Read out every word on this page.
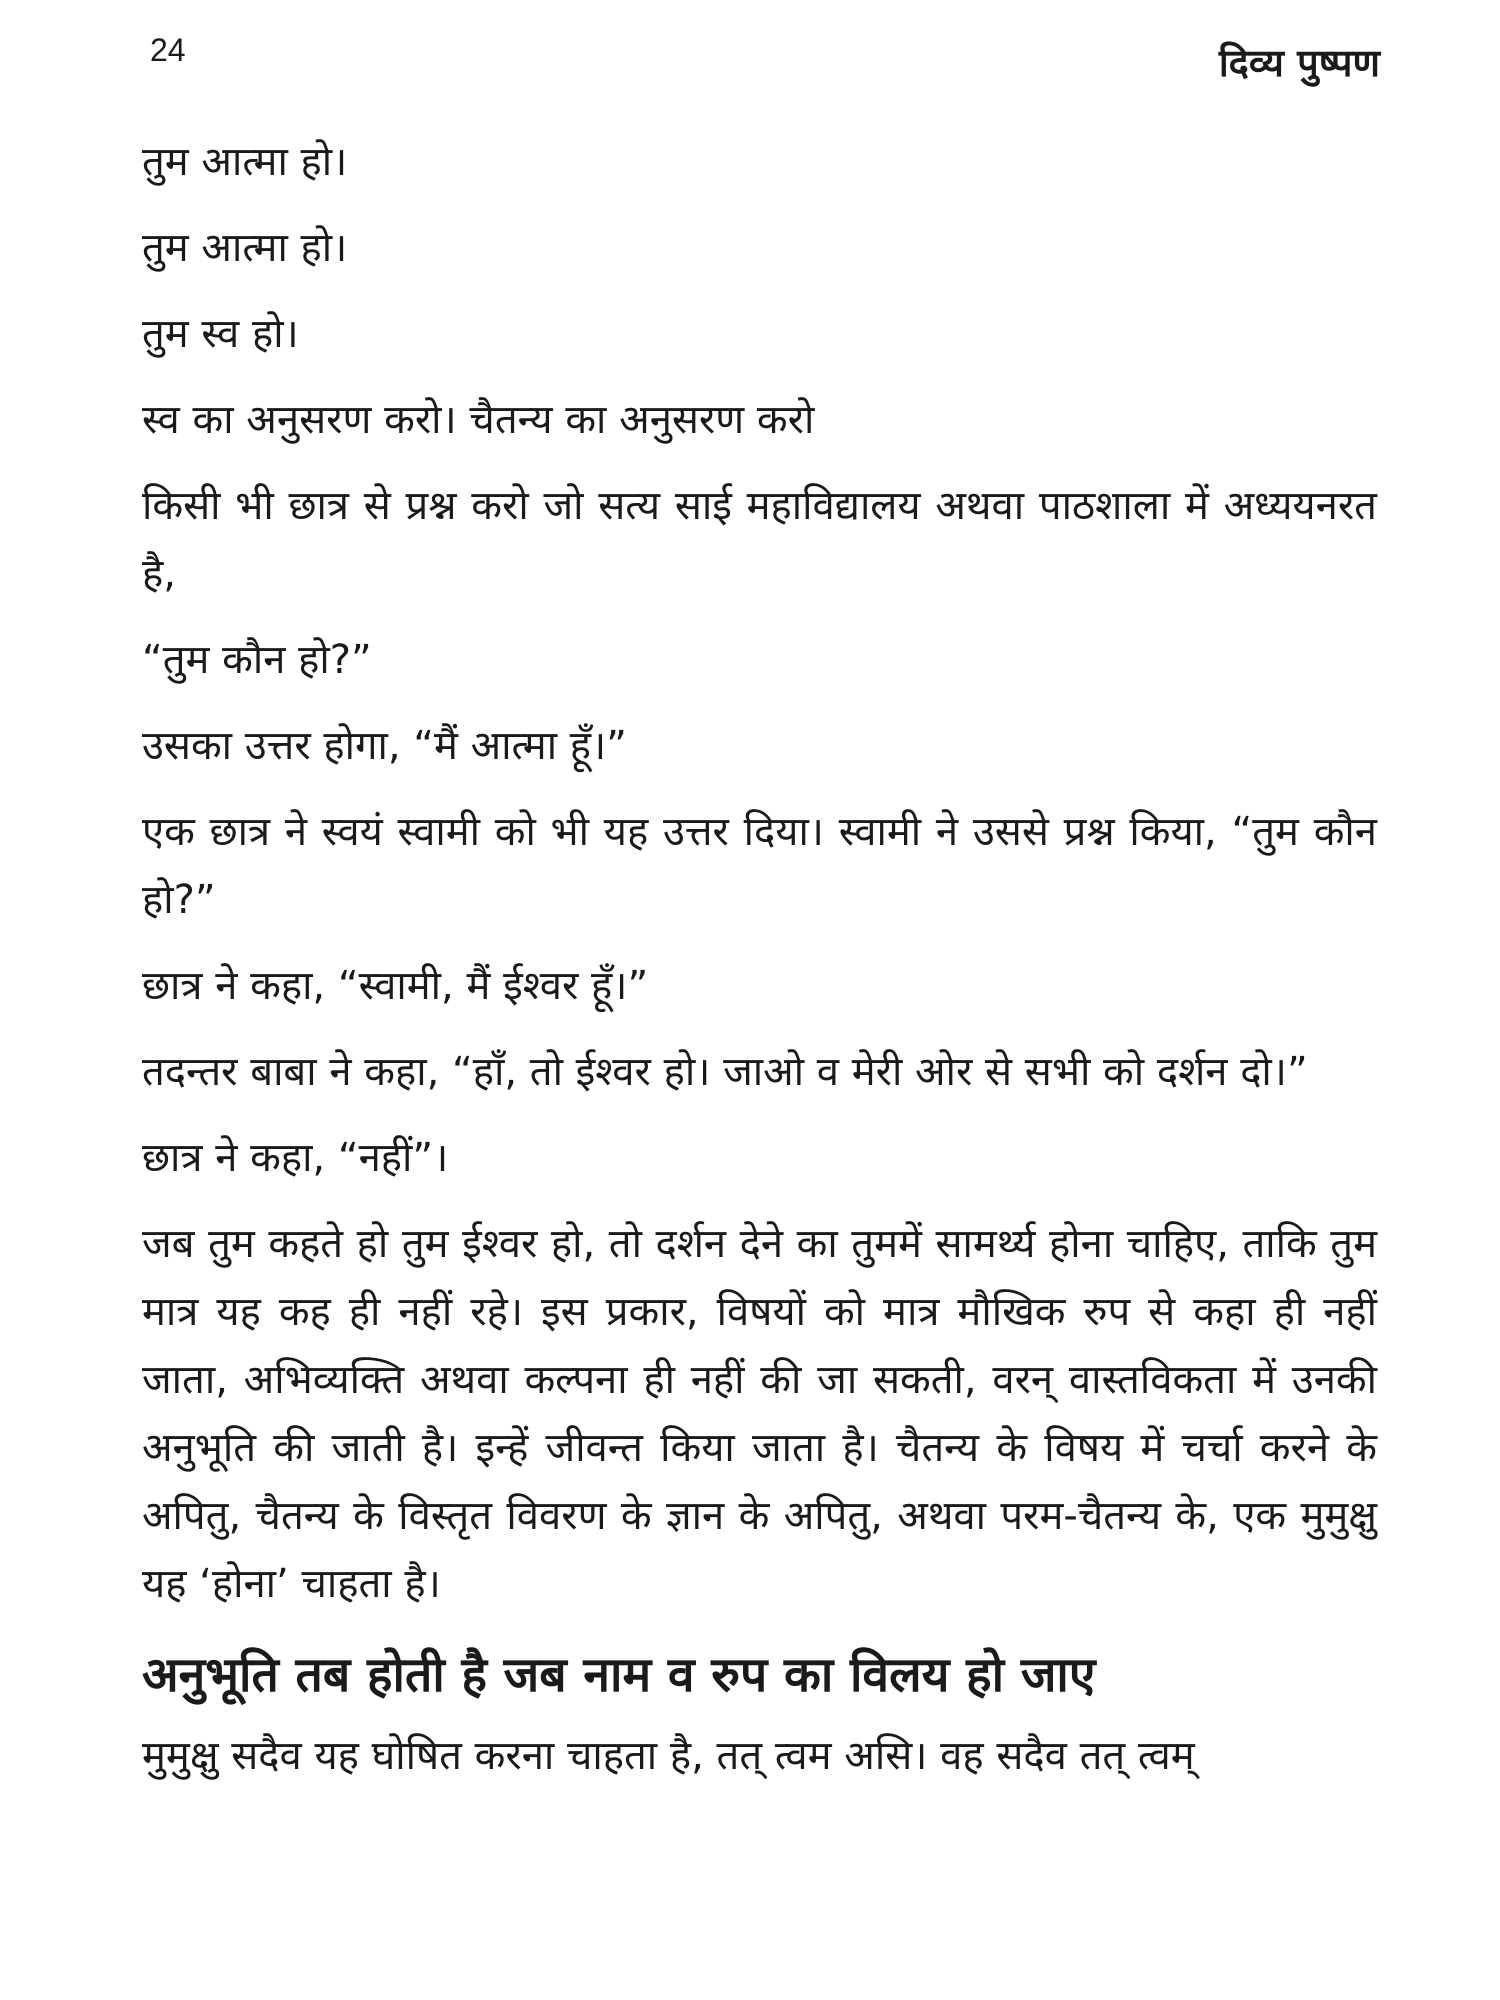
24	दिव्य पुष्पण

तुम आत्मा हो।

तुम आत्मा हो।

तुम स्व हो।

स्व का अनुसरण करो। चैतन्य का अनुसरण करो

किसी भी छात्र से प्रश्न करो जो सत्य साई महाविद्यालय अथवा पाठशाला में अध्ययनरत है,

“तुम कौन हो?”

उसका उत्तर होगा, “मैं आत्मा हूँ।”

एक छात्र ने स्वयं स्वामी को भी यह उत्तर दिया। स्वामी ने उससे प्रश्न किया, “तुम कौन हो?”

छात्र ने कहा, “स्वामी, मैं ईश्वर हूँ।”

तदन्तर बाबा ने कहा, “हाँ, तो ईश्वर हो। जाओ व मेरी ओर से सभी को दर्शन दो।”

छात्र ने कहा, “नहीं”।

जब तुम कहते हो तुम ईश्वर हो, तो दर्शन देने का तुममें सामर्थ्य होना चाहिए, ताकि तुम मात्र यह कह ही नहीं रहे। इस प्रकार, विषयों को मात्र मौखिक रुप से कहा ही नहीं जाता, अभिव्यक्ति अथवा कल्पना ही नहीं की जा सकती, वरन् वास्तविकता में उनकी अनुभूति की जाती है। इन्हें जीवन्त किया जाता है। चैतन्य के विषय में चर्चा करने के अपितु, चैतन्य के विस्तृत विवरण के ज्ञान के अपितु, अथवा परम-चैतन्य के, एक मुमुक्षु यह ‘होना’ चाहता है।

अनुभूति तब होती है जब नाम व रुप का विलय हो जाए

मुमुक्षु सदैव यह घोषित करना चाहता है, तत् त्वम असि। वह सदैव तत् त्वम्
